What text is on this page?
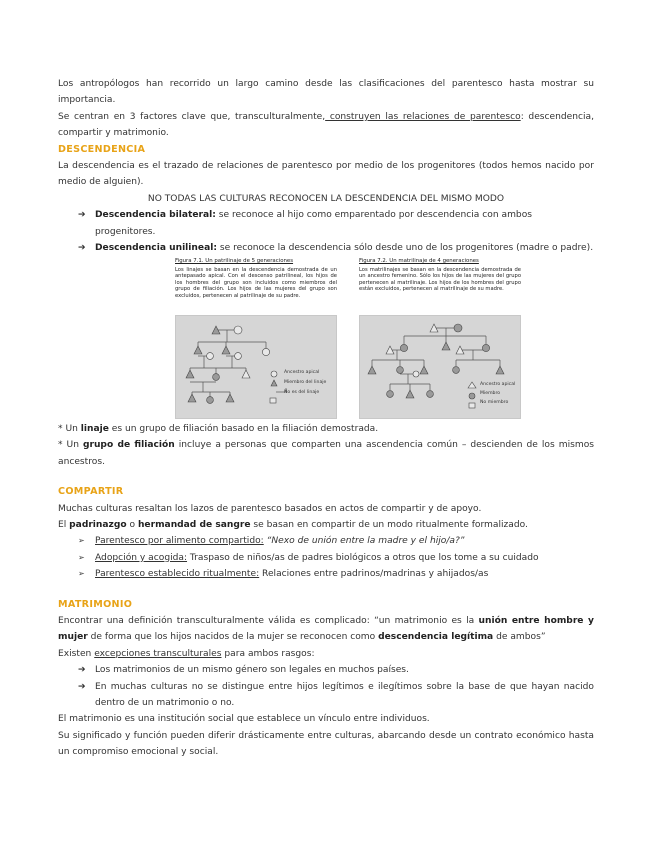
Los antropólogos han recorrido un largo camino desde las clasificaciones del parentesco hasta mostrar su importancia.

Se centran en 3 factores clave que, transculturalmente, construyen las relaciones de parentesco: descendencia, compartir y matrimonio.

DESCENDENCIA

La descendencia es el trazado de relaciones de parentesco por medio de los progenitores (todos hemos nacido por medio de alguien).

NO TODAS LAS CULTURAS RECONOCEN LA DESCENDENCIA DEL MISMO MODO

➔	Descendencia bilateral: se reconoce al hijo como emparentado por descendencia con ambos progenitores.
➔	Descendencia unilineal: se reconoce la descendencia sólo desde uno de los progenitores (madre o padre).
Figura 7.1. Un patrilinaje de 5 generaciones
Los linajes se basan en la descendencia demostrada de un antepasado apical. Con el descenso patrilineal, los hijos de los hombres del grupo son incluidos como miembros del grupo de filiación. Los hijos de las mujeres del grupo son excluidos, pertenecen al patrilinaje de su padre.
Ancestro apical
Miembro del linaje
No es del linaje
Figura 7.2. Un matrilinaje de 4 generaciones
Los matrilinajes se basan en la descendencia demostrada de un ancestro femenino. Sólo los hijos de las mujeres del grupo pertenecen al matrilinaje. Los hijos de los hombres del grupo están excluidos, pertenecen al matrilinaje de su madre.
Ancestro apical
Miembro
No miembro

* Un linaje es un grupo de filiación basado en la filiación demostrada.

* Un grupo de filiación incluye a personas que comparten una ascendencia común – descienden de los mismos ancestros.

COMPARTIR

Muchas culturas resaltan los lazos de parentesco basados en actos de compartir y de apoyo.

El padrinazgo o hermandad de sangre se basan en compartir de un modo ritualmente formalizado.

➢	Parentesco por alimento compartido: “Nexo de unión entre la madre y el hijo/a?”
➢	Adopción y acogida: Traspaso de niños/as de padres biológicos a otros que los tome a su cuidado
➢	Parentesco establecido ritualmente: Relaciones entre padrinos/madrinas y ahijados/as
MATRIMONIO

Encontrar una definición transculturalmente válida es complicado: “un matrimonio es la unión entre hombre y mujer de forma que los hijos nacidos de la mujer se reconocen como descendencia legítima de ambos”

Existen excepciones transculturales para ambos rasgos:

➔	Los matrimonios de un mismo género son legales en muchos países.
➔	En muchas culturas no se distingue entre hijos legítimos e ilegítimos sobre la base de que hayan nacido dentro de un matrimonio o no.

El matrimonio es una institución social que establece un vínculo entre individuos.

Su significado y función pueden diferir drásticamente entre culturas, abarcando desde un contrato económico hasta un compromiso emocional y social.
